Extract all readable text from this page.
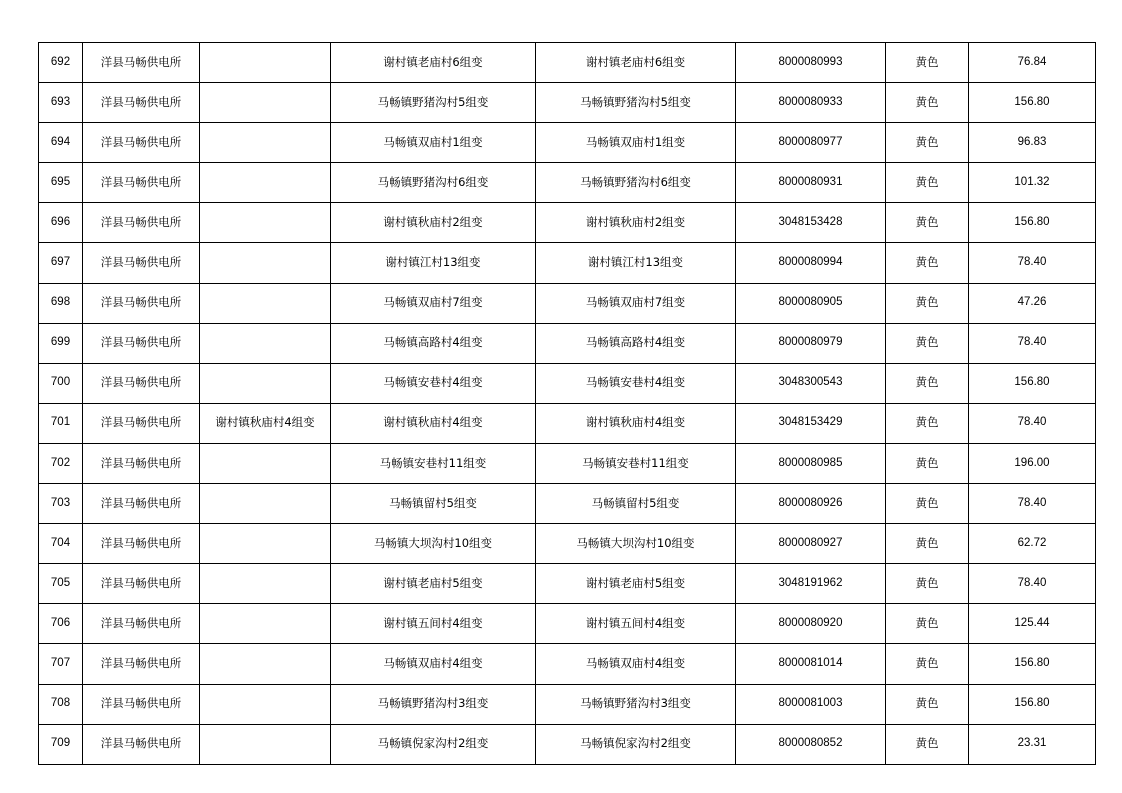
692	洋县马畅供电所		谢村镇老庙村6组变	谢村镇老庙村6组变	8000080993	黄色	76.84
693	洋县马畅供电所		马畅镇野猪沟村5组变	马畅镇野猪沟村5组变	8000080933	黄色	156.80
694	洋县马畅供电所		马畅镇双庙村1组变	马畅镇双庙村1组变	8000080977	黄色	96.83
695	洋县马畅供电所		马畅镇野猪沟村6组变	马畅镇野猪沟村6组变	8000080931	黄色	101.32
696	洋县马畅供电所		谢村镇秋庙村2组变	谢村镇秋庙村2组变	3048153428	黄色	156.80
697	洋县马畅供电所		谢村镇江村13组变	谢村镇江村13组变	8000080994	黄色	78.40
698	洋县马畅供电所		马畅镇双庙村7组变	马畅镇双庙村7组变	8000080905	黄色	47.26
699	洋县马畅供电所		马畅镇高路村4组变	马畅镇高路村4组变	8000080979	黄色	78.40
700	洋县马畅供电所		马畅镇安巷村4组变	马畅镇安巷村4组变	3048300543	黄色	156.80
701	洋县马畅供电所	谢村镇秋庙村4组变	谢村镇秋庙村4组变	谢村镇秋庙村4组变	3048153429	黄色	78.40
702	洋县马畅供电所		马畅镇安巷村11组变	马畅镇安巷村11组变	8000080985	黄色	196.00
703	洋县马畅供电所		马畅镇留村5组变	马畅镇留村5组变	8000080926	黄色	78.40
704	洋县马畅供电所		马畅镇大坝沟村10组变	马畅镇大坝沟村10组变	8000080927	黄色	62.72
705	洋县马畅供电所		谢村镇老庙村5组变	谢村镇老庙村5组变	3048191962	黄色	78.40
706	洋县马畅供电所		谢村镇五间村4组变	谢村镇五间村4组变	8000080920	黄色	125.44
707	洋县马畅供电所		马畅镇双庙村4组变	马畅镇双庙村4组变	8000081014	黄色	156.80
708	洋县马畅供电所		马畅镇野猪沟村3组变	马畅镇野猪沟村3组变	8000081003	黄色	156.80
709	洋县马畅供电所		马畅镇倪家沟村2组变	马畅镇倪家沟村2组变	8000080852	黄色	23.31
